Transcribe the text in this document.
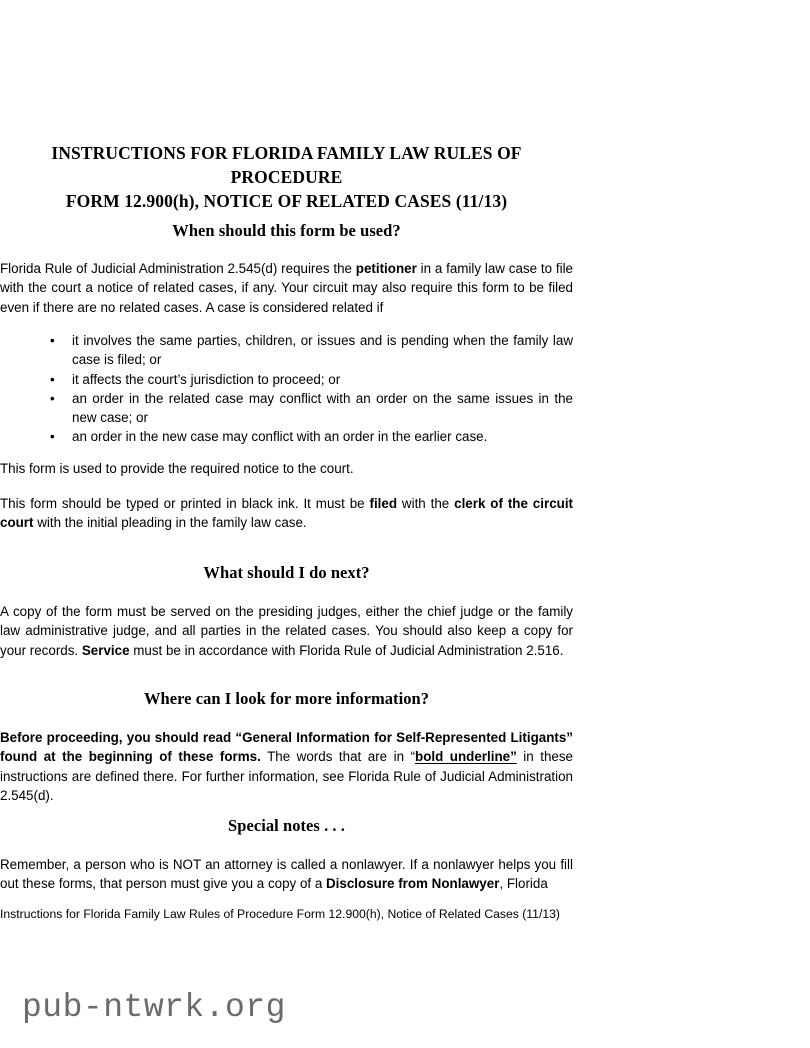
INSTRUCTIONS FOR FLORIDA FAMILY LAW RULES OF PROCEDURE
FORM 12.900(h), NOTICE OF RELATED CASES (11/13)
When should this form be used?

Florida Rule of Judicial Administration 2.545(d) requires the petitioner in a family law case to file with the court a notice of related cases, if any. Your circuit may also require this form to be filed even if there are no related cases. A case is considered related if

• it involves the same parties, children, or issues and is pending when the family law case is filed; or
• it affects the court’s jurisdiction to proceed; or
• an order in the related case may conflict with an order on the same issues in the new case; or
• an order in the new case may conflict with an order in the earlier case.

This form is used to provide the required notice to the court.

This form should be typed or printed in black ink. It must be filed with the clerk of the circuit court with the initial pleading in the family law case.

What should I do next?

A copy of the form must be served on the presiding judges, either the chief judge or the family law administrative judge, and all parties in the related cases. You should also keep a copy for your records. Service must be in accordance with Florida Rule of Judicial Administration 2.516.

Where can I look for more information?

Before proceeding, you should read “General Information for Self-Represented Litigants” found at the beginning of these forms. The words that are in “bold underline” in these instructions are defined there. For further information, see Florida Rule of Judicial Administration 2.545(d).

Special notes . . .

Remember, a person who is NOT an attorney is called a nonlawyer. If a nonlawyer helps you fill out these forms, that person must give you a copy of a Disclosure from Nonlawyer, Florida

Instructions for Florida Family Law Rules of Procedure Form 12.900(h), Notice of Related Cases (11/13)

pub-ntwrk.org
